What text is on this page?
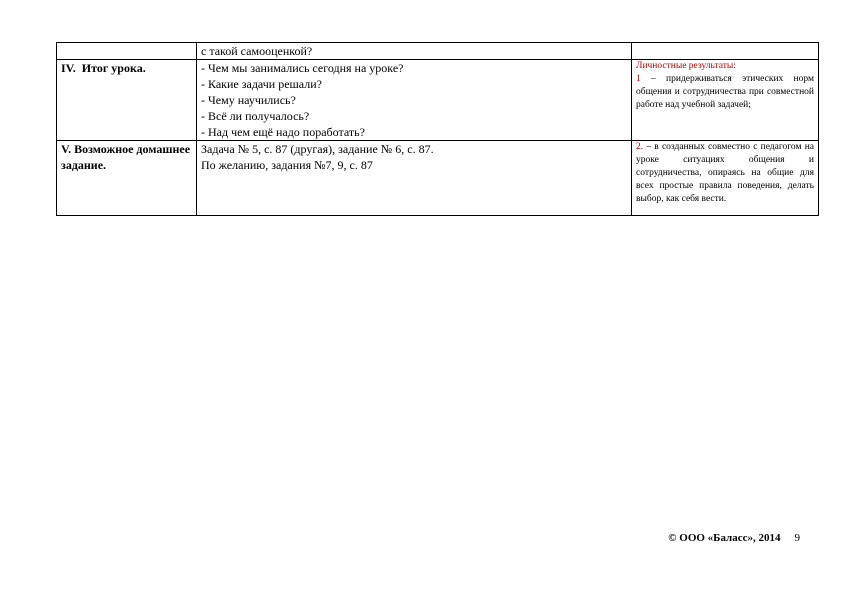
	с такой самооценкой?	

IV.  Итог урока.	- Чем мы занимались сегодня на уроке?
- Какие задачи решали?
- Чему научились?
- Всё ли получалось?
- Над чем ещё надо поработать?	Личностные результаты:
1 – придерживаться этических норм общения и сотрудничества при совместной работе над учебной задачей;
V. Возможное домашнее задание.	Задача № 5, с. 87 (другая), задание № 6, с. 87.
По желанию, задания №7, 9, с. 87	2. – в созданных совместно с педагогом на уроке ситуациях общения и сотрудничества, опираясь на общие для всех простые правила поведения, делать выбор, как себя вести.
© ООО «Баласс», 2014 9
